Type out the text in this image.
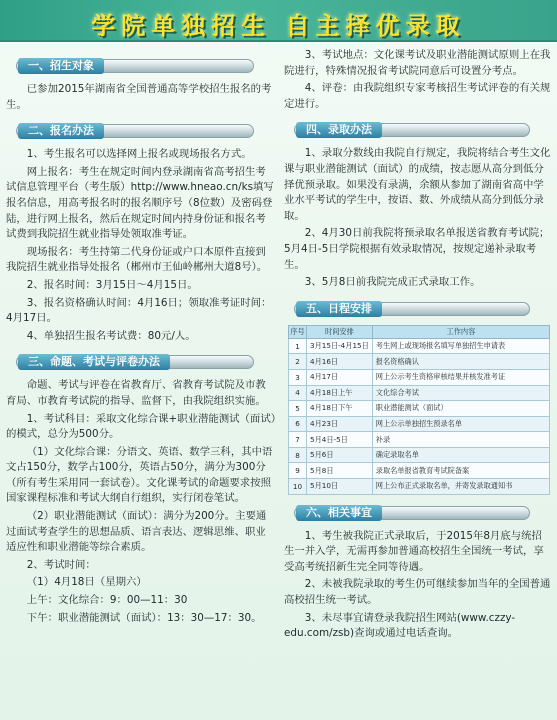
学院单独招生 自主择优录取
一、招生对象

已参加2015年湖南省全国普通高等学校招生报名的考生。

二、报名办法

1、考生报名可以选择网上报名或现场报名方式。

网上报名：考生在规定时间内登录湖南省高考招生考试信息管理平台（考生版）http://www.hneao.cn/ks填写报名信息，用高考报名时的报名顺序号（8位数）及密码登陆，进行网上报名，然后在规定时间内持身份证和报名考试费到我院招生就业指导处领取准考证。

现场报名：考生持第二代身份证或户口本原件直接到我院招生就业指导处报名（郴州市王仙岭郴州大道8号）。

2、报名时间：3月15日～4月15日。

3、报名资格确认时间：4月16日；领取准考证时间：4月17日。

4、单独招生报名考试费：80元/人。

三、命题、考试与评卷办法

命题、考试与评卷在省教育厅、省教育考试院及市教育局、市教育考试院的指导、监督下，由我院组织实施。

1、考试科目：采取文化综合课+职业潜能测试（面试）的模式，总分为500分。

（1）文化综合课：分语文、英语、数学三科，其中语文占150分，数学占100分，英语占50分，满分为300分（所有考生采用同一套试卷）。文化课考试的命题要求按照国家课程标准和考试大纲自行组织，实行闭卷笔试。

（2）职业潜能测试（面试）：满分为200分。主要通过面试考查学生的思想品质、语言表达、逻辑思维、职业适应性和职业潜能等综合素质。

2、考试时间：

（1）4月18日（星期六）

上午：文化综合：9：00—11：30

下午：职业潜能测试（面试）：13：30—17：30。

3、考试地点：文化课考试及职业潜能测试原则上在我院进行，特殊情况报省考试院同意后可设置分考点。

4、评卷：由我院组织专家考核招生考试评卷的有关规定进行。

四、录取办法

1、录取分数线由我院自行规定，我院将结合考生文化课与职业潜能测试（面试）的成绩，按志愿从高分到低分择优预录取。如果没有录满，余额从参加了湖南省高中学业水平考试的学生中，按语、数、外成绩从高分到低分录取。

2、4月30日前我院将预录取名单报送省教育考试院；5月4日-5日学院根据有效录取情况，按规定递补录取考生。

3、5月8日前我院完成正式录取工作。

五、日程安排
序号	时间安排	工作内容
1	3月15日-4月15日	考生网上或现场报名填写单独招生申请表
2	4月16日	报名资格确认
3	4月17日	网上公示考生资格审核结果并核发准考证
4	4月18日上午	文化综合考试
5	4月18日下午	职业潜能测试（面试）
6	4月23日	网上公示单独招生预录名单
7	5月4日-5日	补录
8	5月6日	确定录取名单
9	5月8日	录取名单报省教育考试院备案
10	5月10日	网上公布正式录取名单，并寄发录取通知书
六、相关事宜

1、考生被我院正式录取后，于2015年8月底与统招生一并入学，无需再参加普通高校招生全国统一考试，享受高考统招新生完全同等待遇。

2、未被我院录取的考生仍可继续参加当年的全国普通高校招生统一考试。

3、未尽事宜请登录我院招生网站(www.czzy-edu.com/zsb)查询或通过电话查询。
